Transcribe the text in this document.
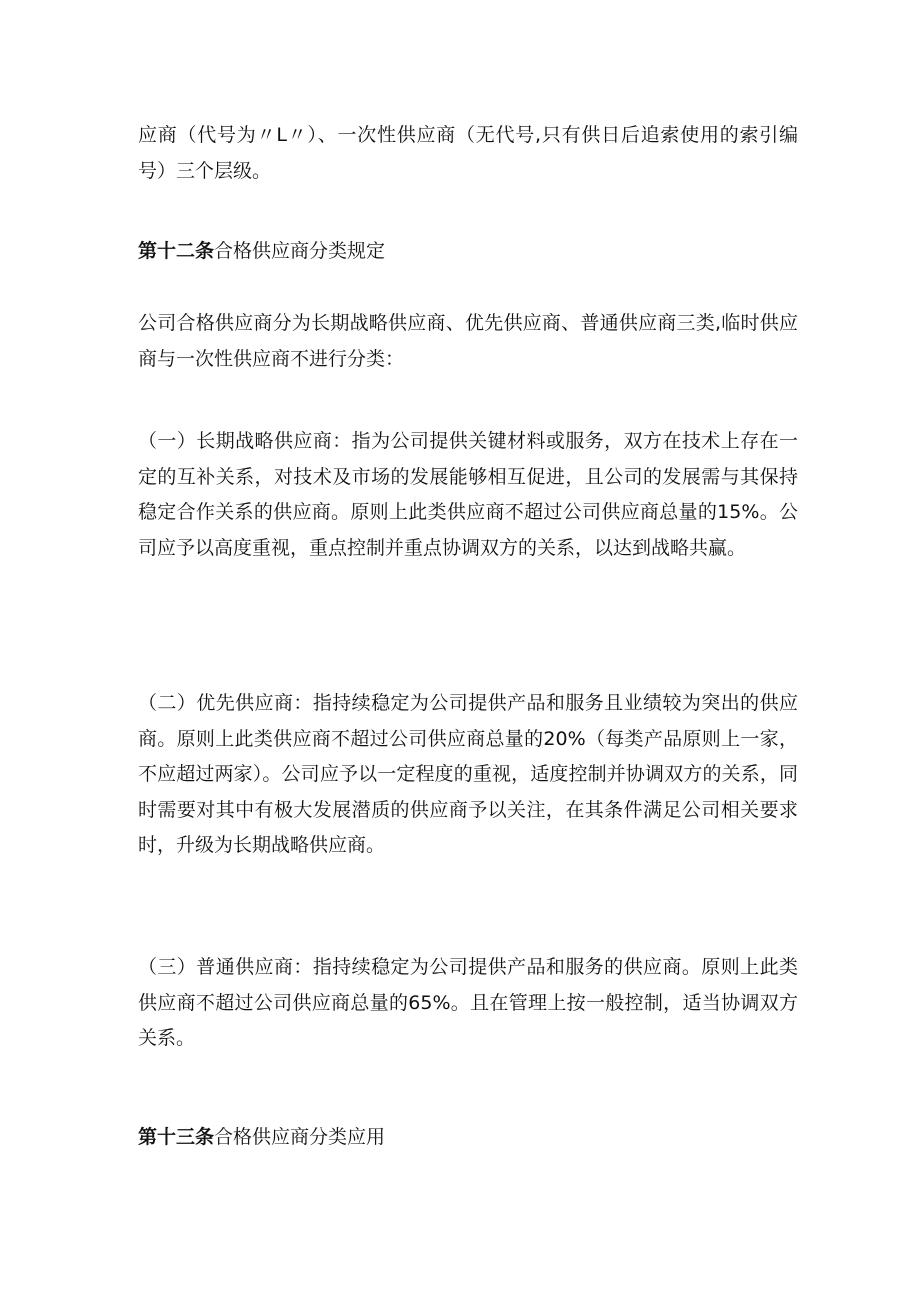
应商（代号为〃L〃）、一次性供应商（无代号,只有供日后追索使用的索引编号）三个层级。

第十二条合格供应商分类规定

公司合格供应商分为长期战略供应商、优先供应商、普通供应商三类,临时供应商与一次性供应商不进行分类：

（一）长期战略供应商：指为公司提供关键材料或服务，双方在技术上存在一定的互补关系，对技术及市场的发展能够相互促进，且公司的发展需与其保持稳定合作关系的供应商。原则上此类供应商不超过公司供应商总量的15%。公司应予以高度重视，重点控制并重点协调双方的关系，以达到战略共赢。

（二）优先供应商：指持续稳定为公司提供产品和服务且业绩较为突出的供应商。原则上此类供应商不超过公司供应商总量的20%（每类产品原则上一家，不应超过两家）。公司应予以一定程度的重视，适度控制并协调双方的关系，同时需要对其中有极大发展潜质的供应商予以关注，在其条件满足公司相关要求时，升级为长期战略供应商。

（三）普通供应商：指持续稳定为公司提供产品和服务的供应商。原则上此类供应商不超过公司供应商总量的65%。且在管理上按一般控制，适当协调双方关系。

第十三条合格供应商分类应用
